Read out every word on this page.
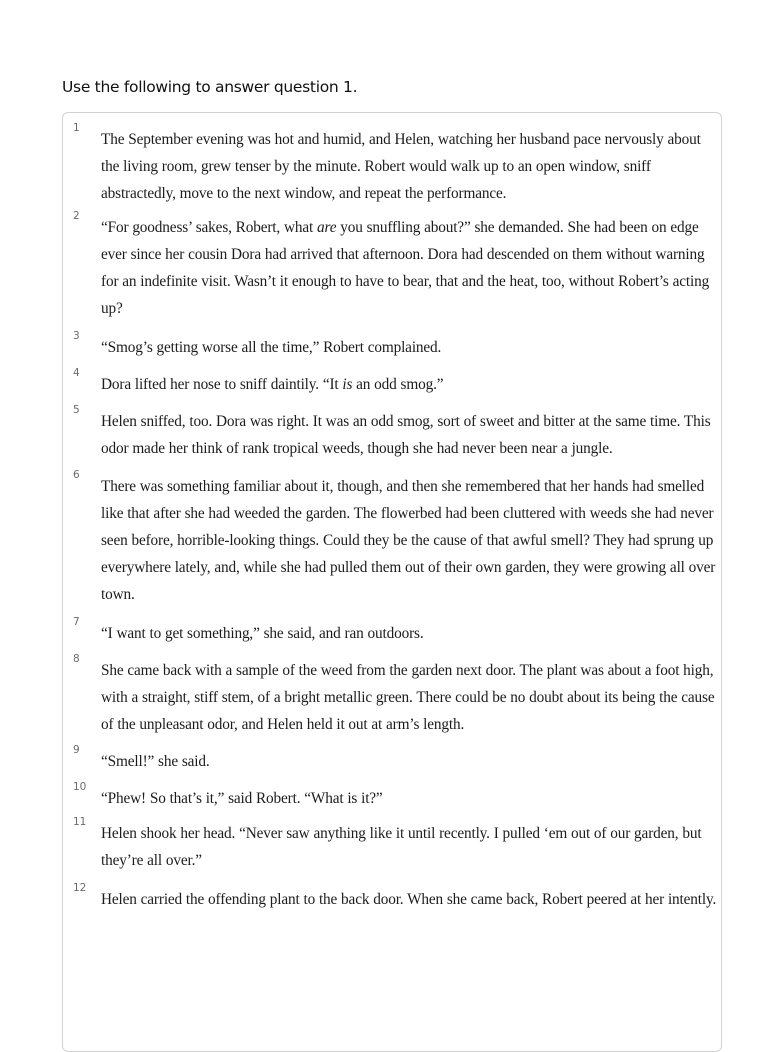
Use the following to answer question 1.
1

The September evening was hot and humid, and Helen, watching her husband pace nervously about the living room, grew tenser by the minute. Robert would walk up to an open window, sniff abstractedly, move to the next window, and repeat the performance.

2

“For goodness’ sakes, Robert, what are you snuffling about?” she demanded. She had been on edge ever since her cousin Dora had arrived that afternoon. Dora had descended on them without warning for an indefinite visit. Wasn’t it enough to have to bear, that and the heat, too, without Robert’s acting up?

3

“Smog’s getting worse all the time,” Robert complained.

4

Dora lifted her nose to sniff daintily. “It is an odd smog.”

5

Helen sniffed, too. Dora was right. It was an odd smog, sort of sweet and bitter at the same time. This odor made her think of rank tropical weeds, though she had never been near a jungle.

6

There was something familiar about it, though, and then she remembered that her hands had smelled like that after she had weeded the garden. The flowerbed had been cluttered with weeds she had never seen before, horrible-looking things. Could they be the cause of that awful smell? They had sprung up everywhere lately, and, while she had pulled them out of their own garden, they were growing all over town.

7

“I want to get something,” she said, and ran outdoors.

8

She came back with a sample of the weed from the garden next door. The plant was about a foot high, with a straight, stiff stem, of a bright metallic green. There could be no doubt about its being the cause of the unpleasant odor, and Helen held it out at arm’s length.

9

“Smell!” she said.

10

“Phew! So that’s it,” said Robert. “What is it?”

11

Helen shook her head. “Never saw anything like it until recently. I pulled ‘em out of our garden, but they’re all over.”

12

Helen carried the offending plant to the back door. When she came back, Robert peered at her intently.
